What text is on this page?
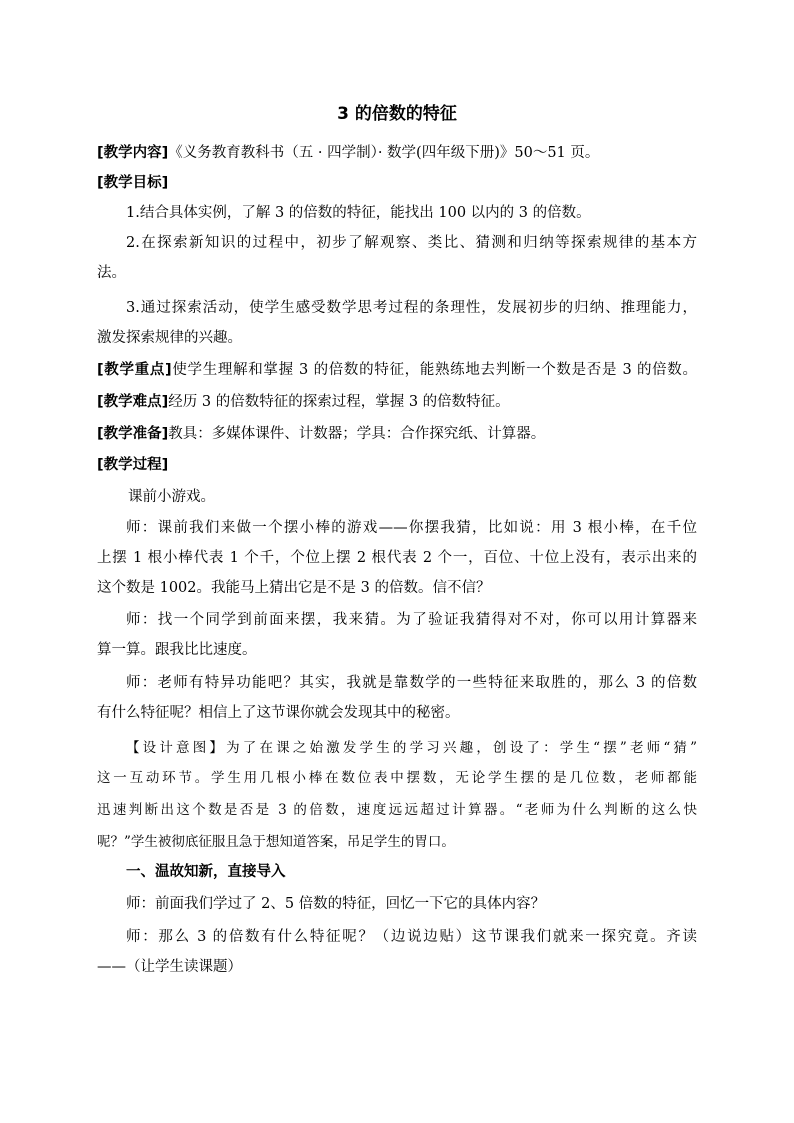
3 的倍数的特征
[教学内容]《义务教育教科书（五 · 四学制）· 数学(四年级下册)》50～51 页。
[教学目标]
1.结合具体实例，了解 3 的倍数的特征，能找出 100 以内的 3 的倍数。
2.在探索新知识的过程中，初步了解观察、类比、猜测和归纳等探索规律的基本方
法。
3.通过探索活动，使学生感受数学思考过程的条理性，发展初步的归纳、推理能力，
激发探索规律的兴趣。
[教学重点]使学生理解和掌握 3 的倍数的特征，能熟练地去判断一个数是否是 3 的倍数。
[教学难点]经历 3 的倍数特征的探索过程，掌握 3 的倍数特征。
[教学准备]教具：多媒体课件、计数器；学具：合作探究纸、计算器。
[教学过程]
课前小游戏。
师：课前我们来做一个摆小棒的游戏——你摆我猜，比如说：用 3 根小棒，在千位
上摆 1 根小棒代表 1 个千，个位上摆 2 根代表 2 个一，百位、十位上没有，表示出来的
这个数是 1002。我能马上猜出它是不是 3 的倍数。信不信？
师：找一个同学到前面来摆，我来猜。为了验证我猜得对不对，你可以用计算器来
算一算。跟我比比速度。
师：老师有特异功能吧？其实，我就是靠数学的一些特征来取胜的，那么 3 的倍数
有什么特征呢？相信上了这节课你就会发现其中的秘密。
【设计意图】为了在课之始激发学生的学习兴趣，创设了：学生“摆”老师“猜”
这一互动环节。学生用几根小棒在数位表中摆数，无论学生摆的是几位数，老师都能
迅速判断出这个数是否是 3 的倍数，速度远远超过计算器。“老师为什么判断的这么快
呢？”学生被彻底征服且急于想知道答案，吊足学生的胃口。
一、温故知新，直接导入
师：前面我们学过了 2、5 倍数的特征，回忆一下它的具体内容？
师：那么 3 的倍数有什么特征呢？（边说边贴）这节课我们就来一探究竟。齐读
——（让学生读课题）
